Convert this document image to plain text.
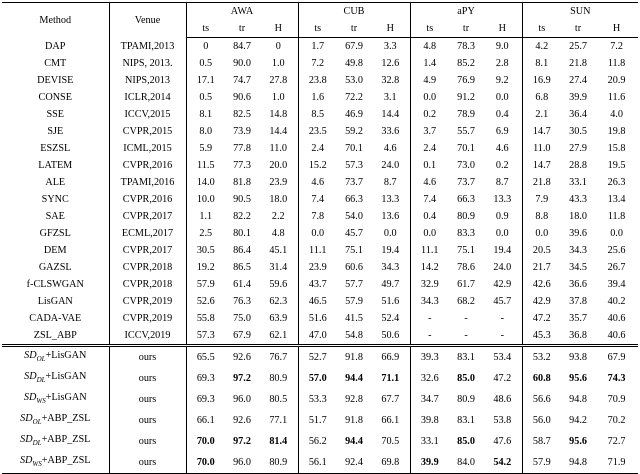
Method	Venue	AWA			CUB			aPY			SUN		
		ts	tr	H	ts	tr	H	ts	tr	H	ts	tr	H
DAP	TPAMI,2013	0	84.7	0	1.7	67.9	3.3	4.8	78.3	9.0	4.2	25.7	7.2
CMT	NIPS, 2013.	0.5	90.0	1.0	7.2	49.8	12.6	1.4	85.2	2.8	8.1	21.8	11.8
DEVISE	NIPS,2013	17.1	74.7	27.8	23.8	53.0	32.8	4.9	76.9	9.2	16.9	27.4	20.9
CONSE	ICLR,2014	0.5	90.6	1.0	1.6	72.2	3.1	0.0	91.2	0.0	6.8	39.9	11.6
SSE	ICCV,2015	8.1	82.5	14.8	8.5	46.9	14.4	0.2	78.9	0.4	2.1	36.4	4.0
SJE	CVPR,2015	8.0	73.9	14.4	23.5	59.2	33.6	3.7	55.7	6.9	14.7	30.5	19.8
ESZSL	ICML,2015	5.9	77.8	11.0	2.4	70.1	4.6	2.4	70.1	4.6	11.0	27.9	15.8
LATEM	CVPR,2016	11.5	77.3	20.0	15.2	57.3	24.0	0.1	73.0	0.2	14.7	28.8	19.5
ALE	TPAMI,2016	14.0	81.8	23.9	4.6	73.7	8.7	4.6	73.7	8.7	21.8	33.1	26.3
SYNC	CVPR,2016	10.0	90.5	18.0	7.4	66.3	13.3	7.4	66.3	13.3	7.9	43.3	13.4
SAE	CVPR,2017	1.1	82.2	2.2	7.8	54.0	13.6	0.4	80.9	0.9	8.8	18.0	11.8
GFZSL	ECML,2017	2.5	80.1	4.8	0.0	45.7	0.0	0.0	83.3	0.0	0.0	39.6	0.0
DEM	CVPR,2017	30.5	86.4	45.1	11.1	75.1	19.4	11.1	75.1	19.4	20.5	34.3	25.6
GAZSL	CVPR,2018	19.2	86.5	31.4	23.9	60.6	34.3	14.2	78.6	24.0	21.7	34.5	26.7
f-CLSWGAN	CVPR,2018	57.9	61.4	59.6	43.7	57.7	49.7	32.9	61.7	42.9	42.6	36.6	39.4
LisGAN	CVPR,2019	52.6	76.3	62.3	46.5	57.9	51.6	34.3	68.2	45.7	42.9	37.8	40.2
CADA-VAE	CVPR,2019	55.8	75.0	63.9	51.6	41.5	52.4	-	-	-	47.2	35.7	40.6
ZSL_ABP	ICCV,2019	57.3	67.9	62.1	47.0	54.8	50.6	-	-	-	45.3	36.8	40.6
$SD_{OL}+LisGAN$	ours	65.5	92.6	76.7	52.7	91.8	66.9	39.3	83.1	53.4	53.2	93.8	67.9
$SD_{DL}+LisGAN$	ours	69.3	97.2	80.9	57.0	94.4	71.1	32.6	85.0	47.2	60.8	95.6	74.3
$SD_{WS}+LisGAN$	ours	69.3	96.0	80.5	53.3	92.8	67.7	34.7	80.9	48.6	56.6	94.8	70.9
$SD_{OL}+ABP\_ZSL$	ours	66.1	92.6	77.1	51.7	91.8	66.1	39.8	83.1	53.8	56.0	94.2	70.2
$SD_{DL}+ABP\_ZSL$	ours	70.0	97.2	81.4	56.2	94.4	70.5	33.1	85.0	47.6	58.7	95.6	72.7
$SD_{WS}+ABP\_ZSL$	ours	70.0	96.0	80.9	56.1	92.4	69.8	39.9	84.0	54.2	57.9	94.8	71.9
